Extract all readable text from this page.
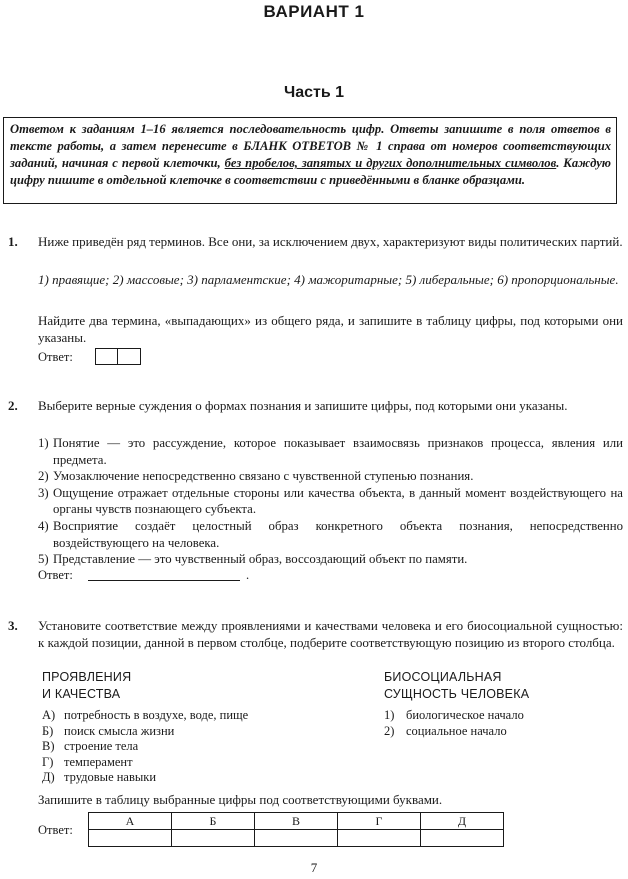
ВАРИАНТ 1
Часть 1
Ответом к заданиям 1–16 является последовательность цифр. Ответы запишите в поля ответов в тексте работы, а затем перенесите в БЛАНК ОТВЕТОВ № 1 справа от номеров соответствующих заданий, начиная с первой клеточки, без пробелов, запятых и других дополнительных символов. Каждую цифру пишите в отдельной клеточке в соответствии с приведёнными в бланке образцами.
1. Ниже приведён ряд терминов. Все они, за исключением двух, характеризуют виды политических партий.
1) правящие; 2) массовые; 3) парламентские; 4) мажоритарные; 5) либеральные; 6) пропорциональные.
Найдите два термина, «выпадающих» из общего ряда, и запишите в таблицу цифры, под которыми они указаны.
Ответ:
2. Выберите верные суждения о формах познания и запишите цифры, под которыми они указаны.
1) Понятие — это рассуждение, которое показывает взаимосвязь признаков процесса, явления или предмета.
2) Умозаключение непосредственно связано с чувственной ступенью познания.
3) Ощущение отражает отдельные стороны или качества объекта, в данный момент воздействующего на органы чувств познающего субъекта.
4) Восприятие создаёт целостный образ конкретного объекта познания, непосредственно воздействующего на человека.
5) Представление — это чувственный образ, воссоздающий объект по памяти.
Ответ:	.
3. Установите соответствие между проявлениями и качествами человека и его биосоциальной сущностью: к каждой позиции, данной в первом столбце, подберите соответствующую позицию из второго столбца.
ПРОЯВЛЕНИЯ
И КАЧЕСТВА
БИОСОЦИАЛЬНАЯ
СУЩНОСТЬ ЧЕЛОВЕКА
А) потребность в воздухе, воде, пище
Б) поиск смысла жизни
В) строение тела
Г) темперамент
Д) трудовые навыки
1) биологическое начало
2) социальное начало
Запишите в таблицу выбранные цифры под соответствующими буквами.
Ответ:
А	Б	В	Г	Д

7
